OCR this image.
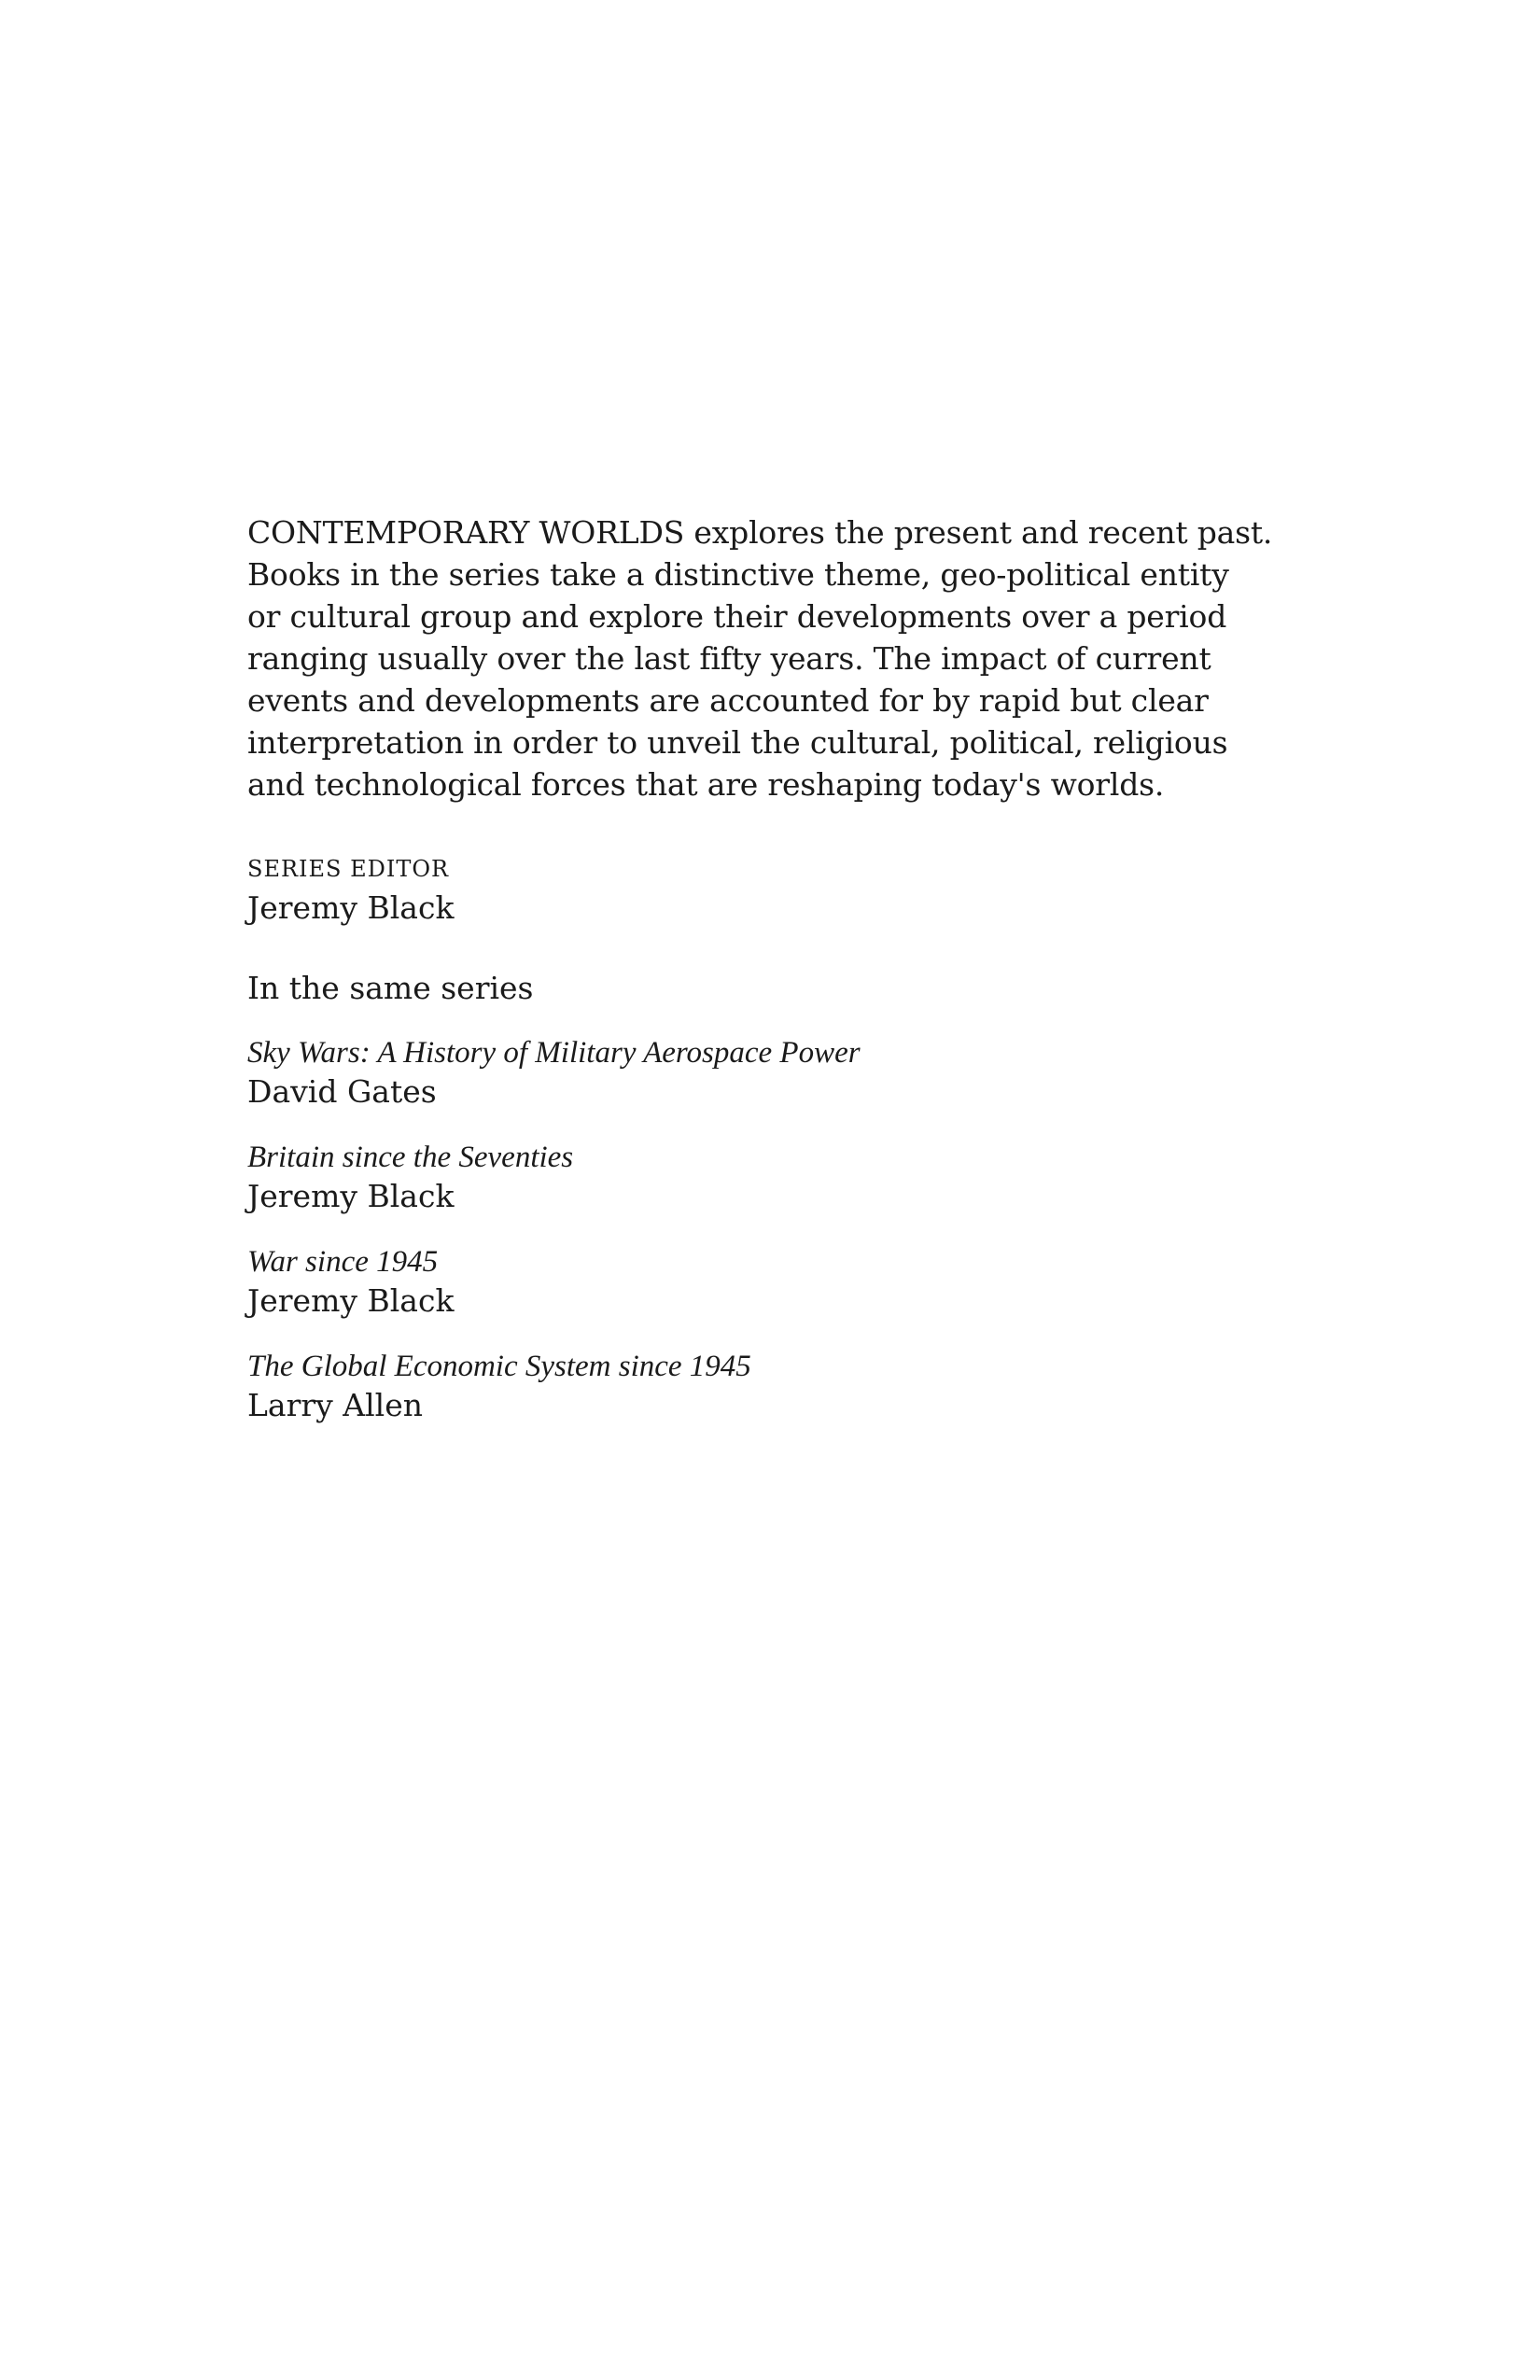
CONTEMPORARY WORLDS explores the present and recent past.
Books in the series take a distinctive theme, geo-political entity
or cultural group and explore their developments over a period
ranging usually over the last fifty years. The impact of current
events and developments are accounted for by rapid but clear
interpretation in order to unveil the cultural, political, religious
and technological forces that are reshaping today's worlds.
SERIES EDITOR
Jeremy Black
In the same series
Sky Wars: A History of Military Aerospace Power
David Gates
Britain since the Seventies
Jeremy Black
War since 1945
Jeremy Black
The Global Economic System since 1945
Larry Allen
